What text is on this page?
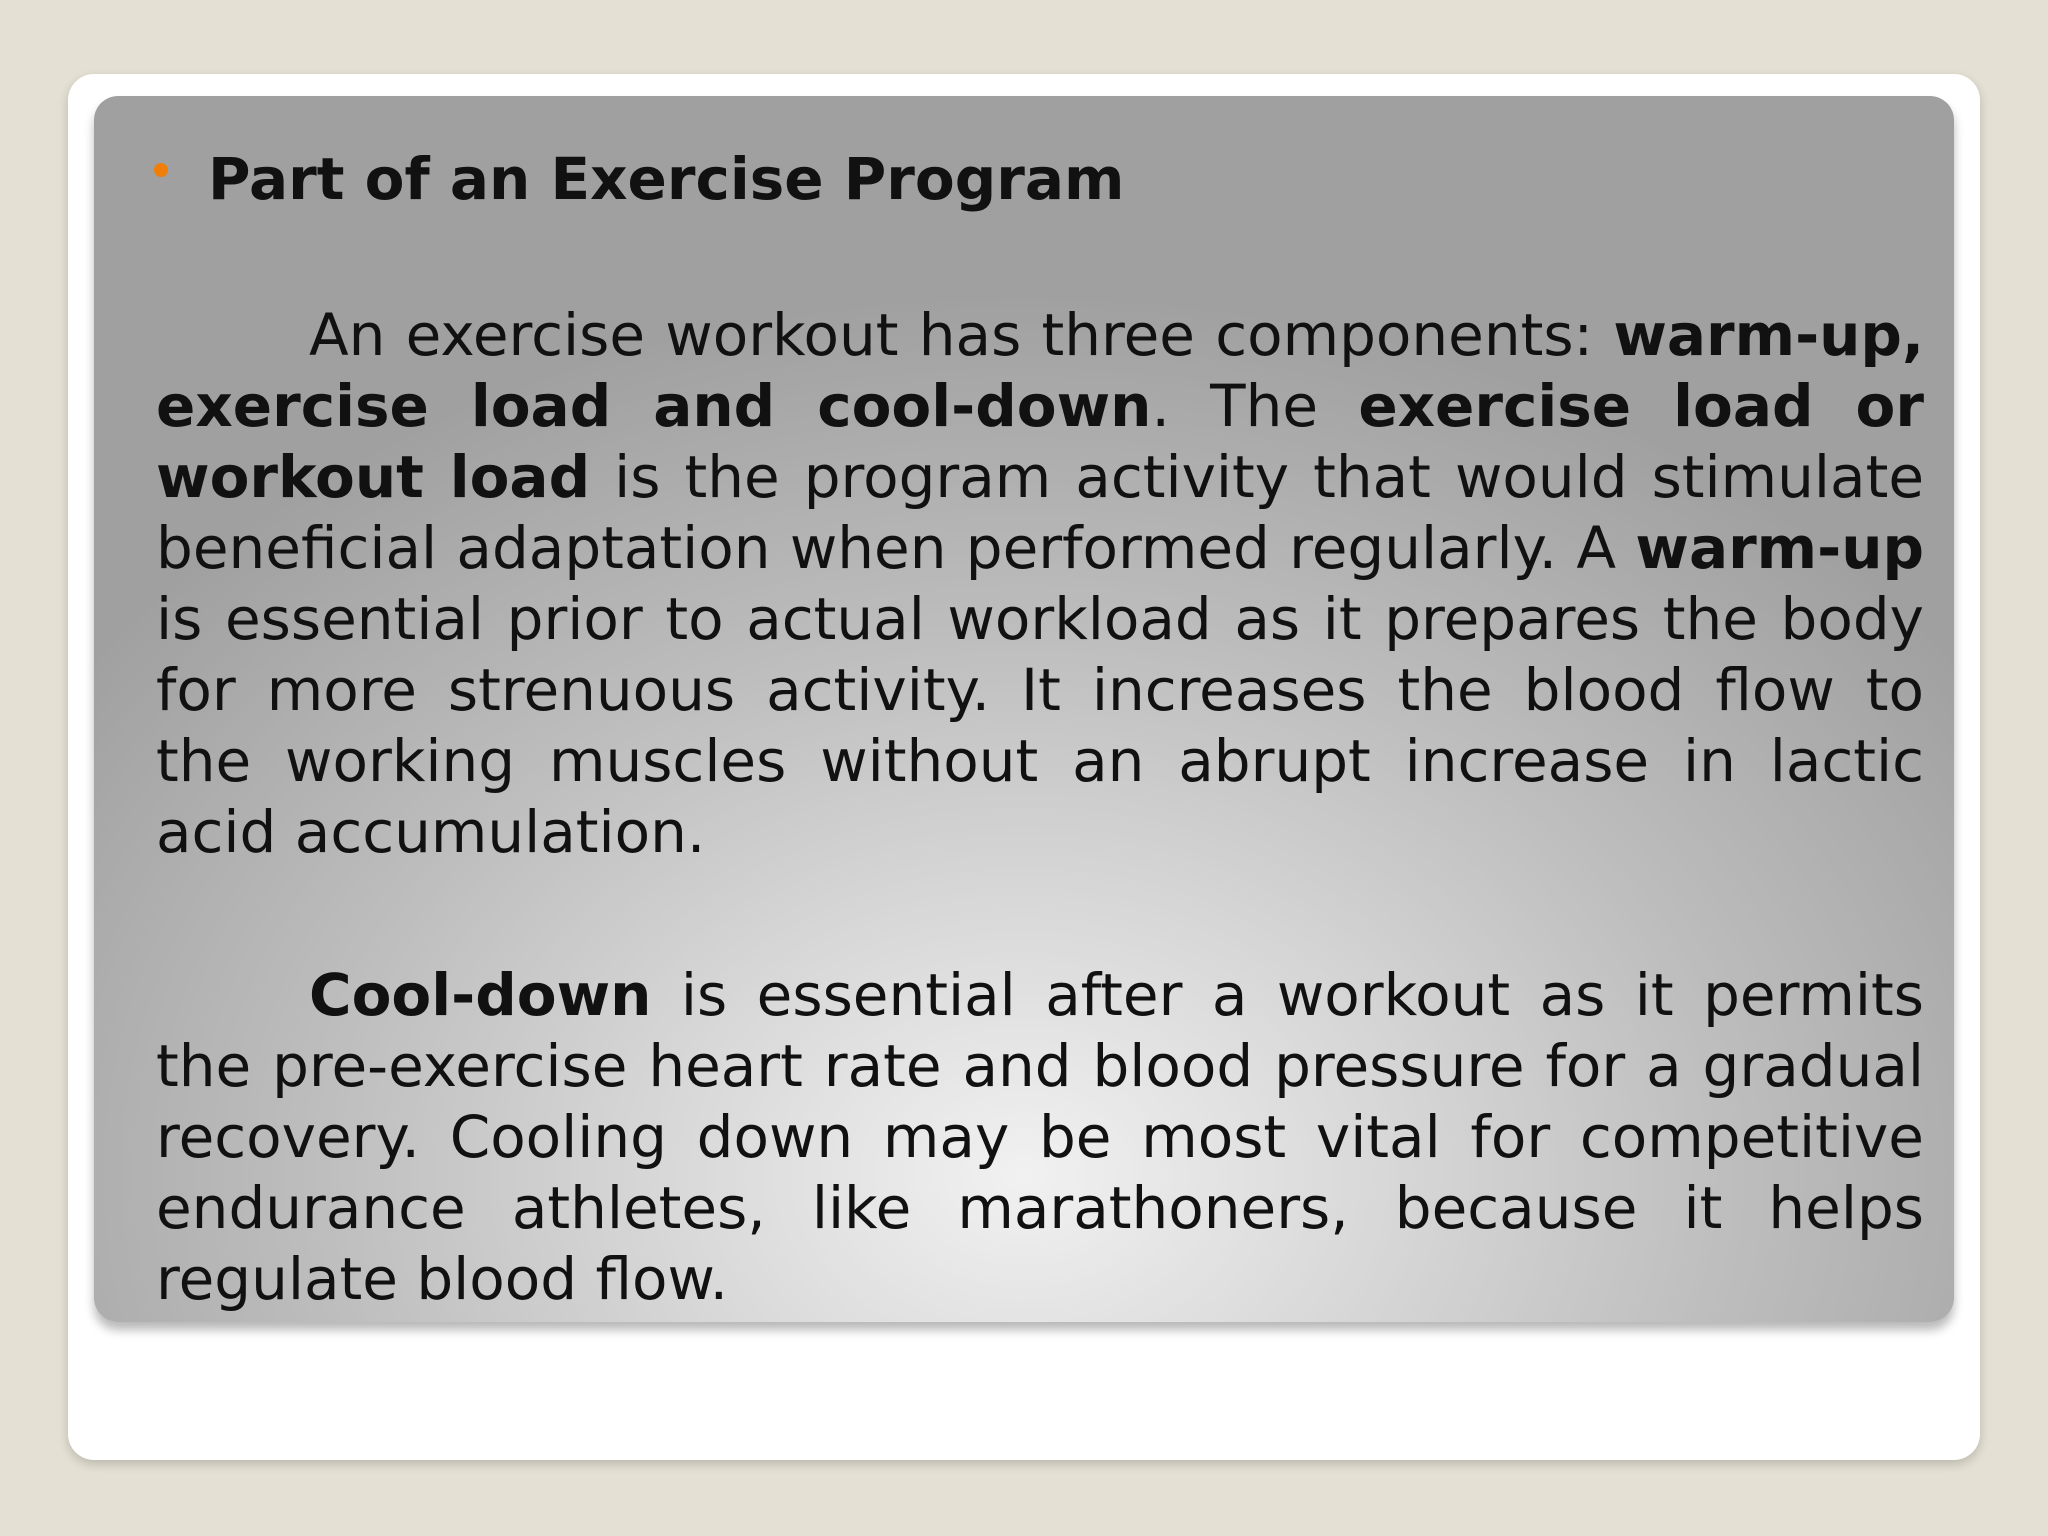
Part of an Exercise Program

An exercise workout has three components: warm-up, exercise load and cool-down. The exercise load or workout load is the program activity that would stimulate beneficial adaptation when performed regularly. A warm-up is essential prior to actual workload as it prepares the body for more strenuous activity. It increases the blood flow to the working muscles without an abrupt increase in lactic acid accumulation.

Cool-down is essential after a workout as it permits the pre-exercise heart rate and blood pressure for a gradual recovery. Cooling down may be most vital for competitive endurance athletes, like marathoners, because it helps regulate blood flow.
